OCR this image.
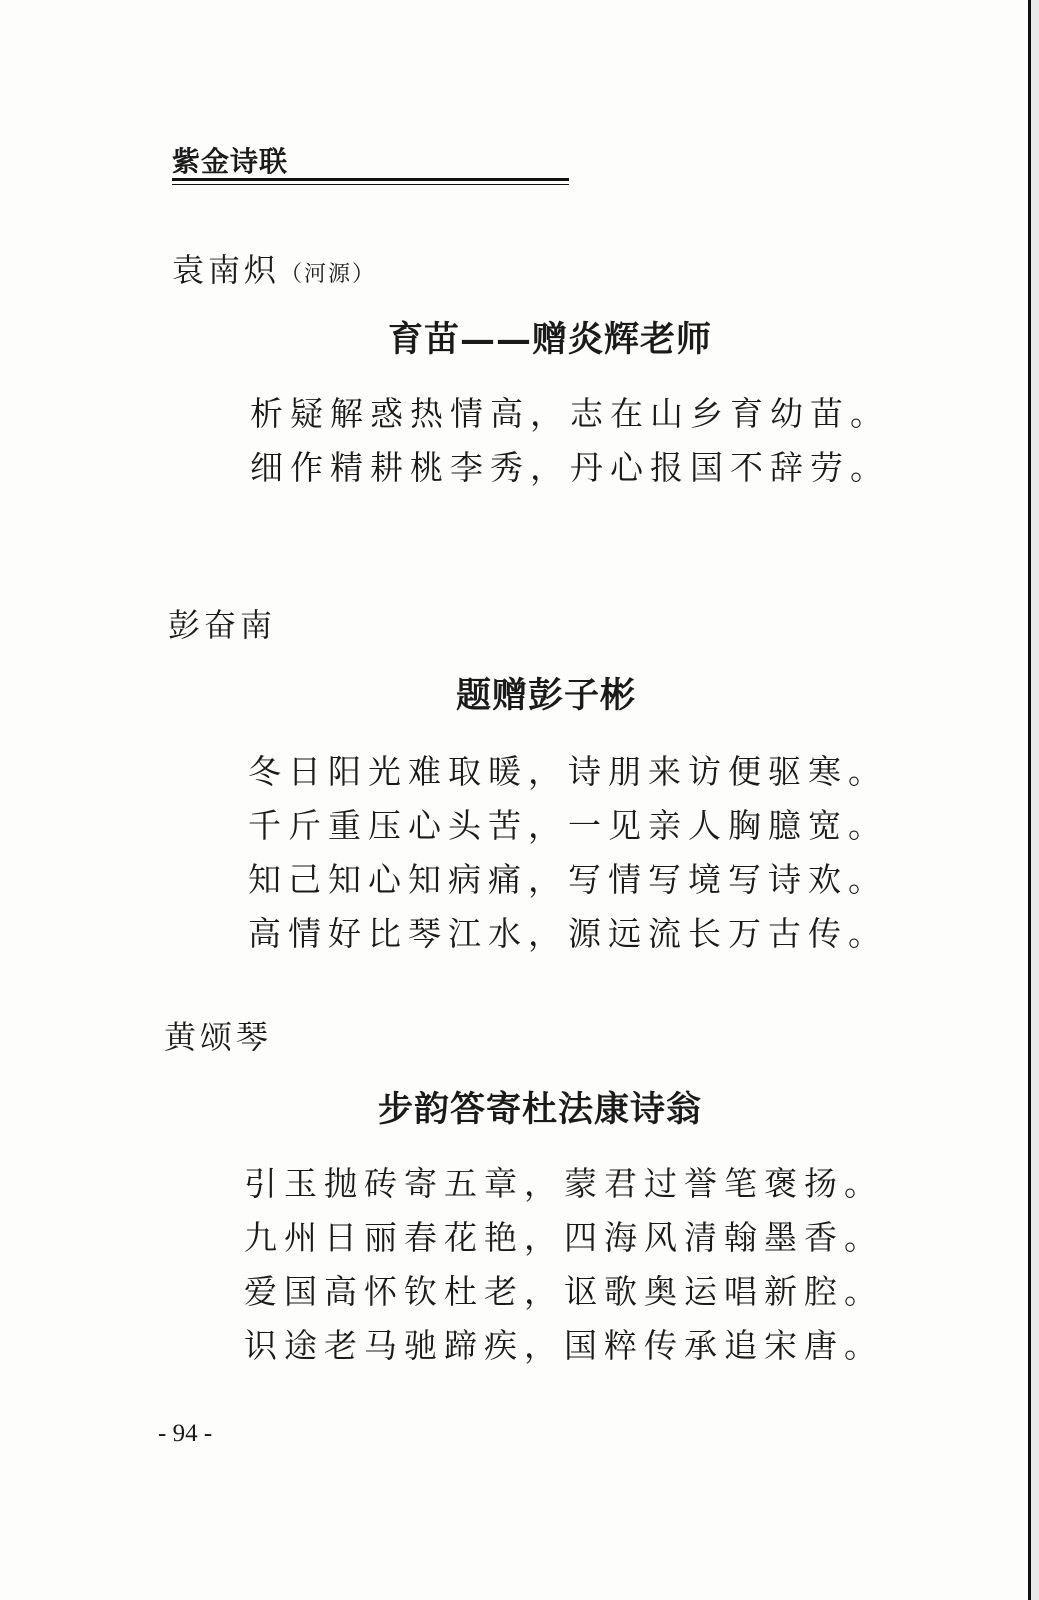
紫金诗联
袁南炽（河源）
育苗——赠炎辉老师
析疑解惑热情高，志在山乡育幼苗。
细作精耕桃李秀，丹心报国不辞劳。
彭奋南
题赠彭子彬
冬日阳光难取暖，诗朋来访便驱寒。
千斤重压心头苦，一见亲人胸臆宽。
知己知心知病痛，写情写境写诗欢。
高情好比琴江水，源远流长万古传。
黄颂琴
步韵答寄杜法康诗翁
引玉抛砖寄五章，蒙君过誉笔褒扬。
九州日丽春花艳，四海风清翰墨香。
爱国高怀钦杜老，讴歌奥运唱新腔。
识途老马驰蹄疾，国粹传承追宋唐。
- 94 -
